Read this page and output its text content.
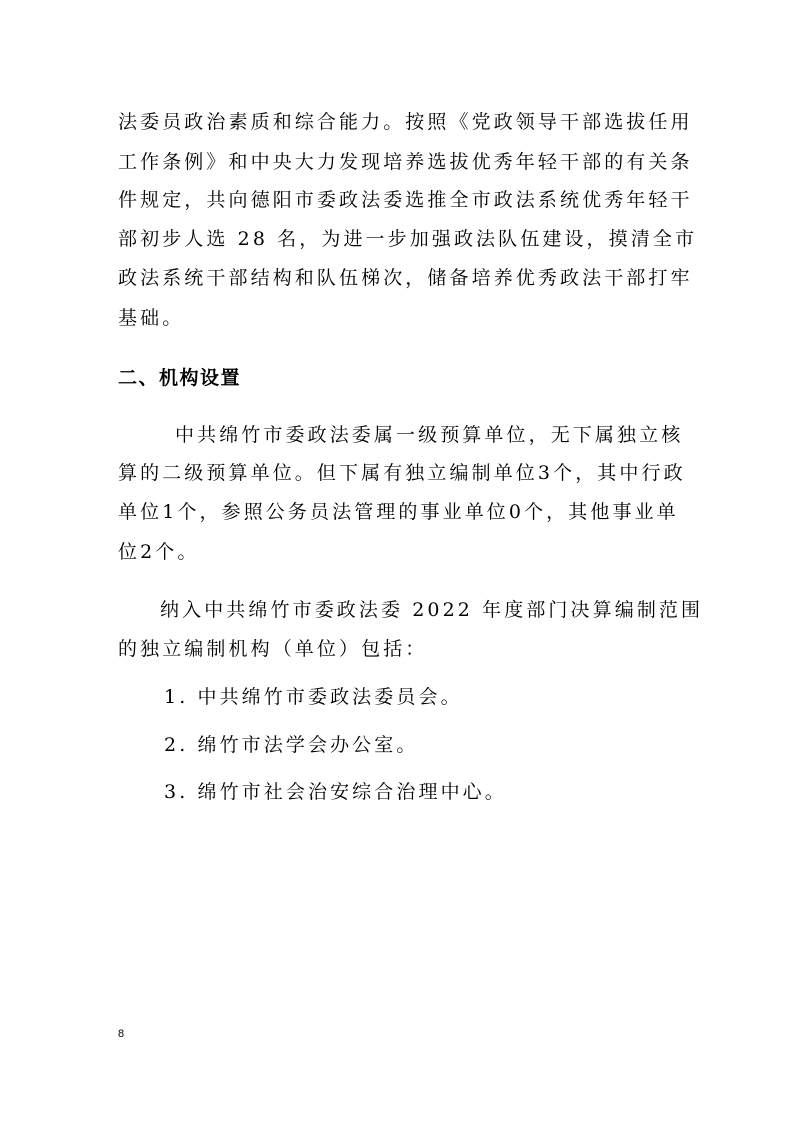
法委员政治素质和综合能力。按照《党政领导干部选拔任用
工作条例》和中央大力发现培养选拔优秀年轻干部的有关条
件规定，共向德阳市委政法委选推全市政法系统优秀年轻干
部初步人选 28 名，为进一步加强政法队伍建设，摸清全市
政法系统干部结构和队伍梯次，储备培养优秀政法干部打牢
基础。
二、机构设置
中共绵竹市委政法委属一级预算单位，无下属独立核
算的二级预算单位。但下属有独立编制单位3个，其中行政
单位1个，参照公务员法管理的事业单位0个，其他事业单
位2个。
纳入中共绵竹市委政法委 2022 年度部门决算编制范围
的独立编制机构（单位）包括：
1. 中共绵竹市委政法委员会。
2. 绵竹市法学会办公室。
3. 绵竹市社会治安综合治理中心。
8
